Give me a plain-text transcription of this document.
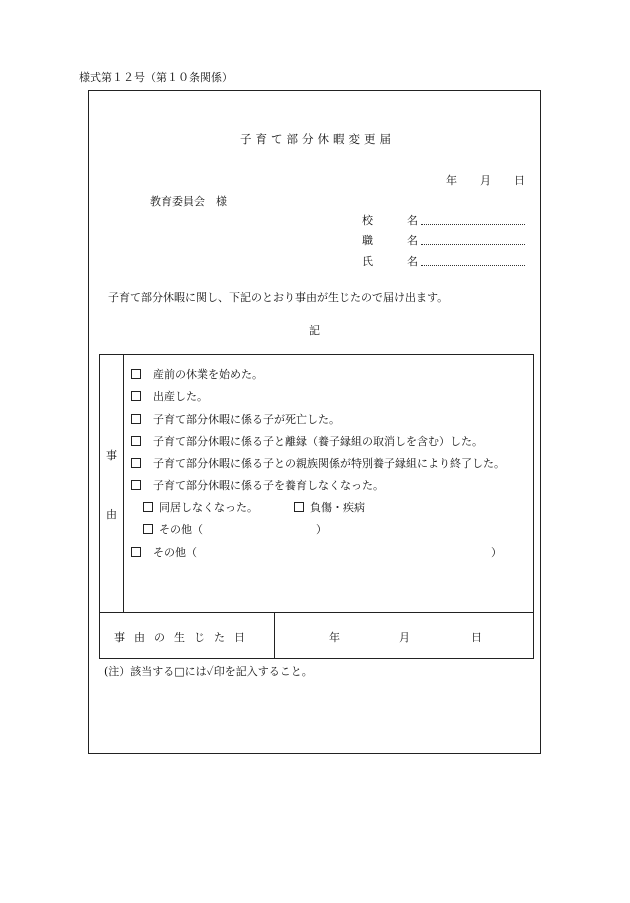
様式第１２号（第１０条関係）
子育て部分休暇変更届
年 月 日
教育委員会　様
校	名
職	名
氏	名
子育て部分休暇に関し、下記のとおり事由が生じたので届け出ます。
記
事
由
産前の休業を始めた。
出産した。
子育て部分休暇に係る子が死亡した。
子育て部分休暇に係る子と離縁（養子縁組の取消しを含む）した。
子育て部分休暇に係る子との親族関係が特別養子縁組により終了した。
子育て部分休暇に係る子を養育しなくなった。
同居しなくなった。	負傷・疾病
その他（	）
その他（	）
事由の生じた日	年	月	日
(注）該当する□には✓印を記入すること。
